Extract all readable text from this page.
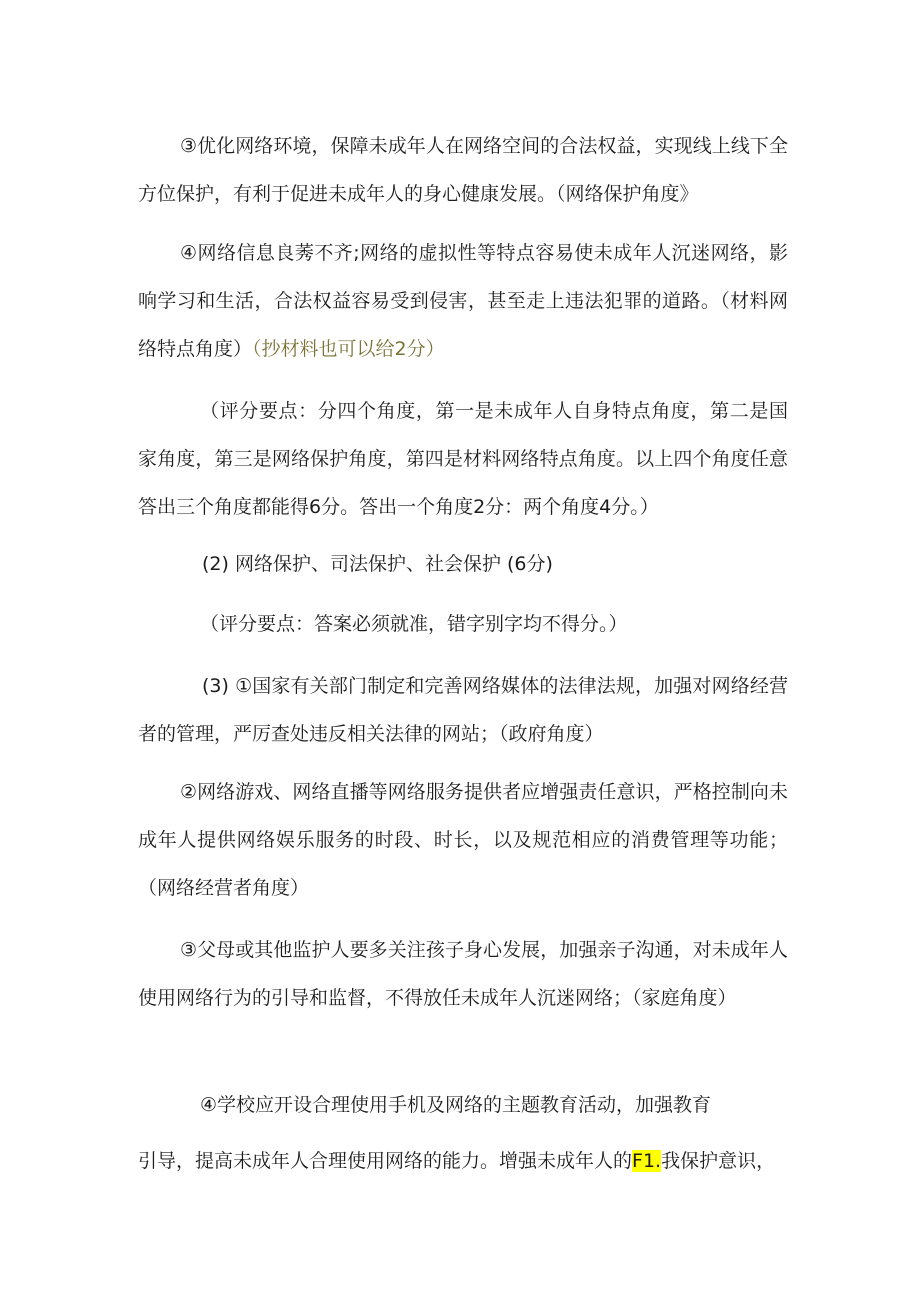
③优化网络环境，保障未成年人在网络空间的合法权益，实现线上线下全方位保护，有利于促进未成年人的身心健康发展。（网络保护角度》

④网络信息良莠不齐;网络的虚拟性等特点容易使未成年人沉迷网络，影响学习和生活，合法权益容易受到侵害，甚至走上违法犯罪的道路。（材料网络特点角度）（抄材料也可以给2分）

（评分要点：分四个角度，第一是未成年人自身特点角度，第二是国家角度，第三是网络保护角度，第四是材料网络特点角度。以上四个角度任意答出三个角度都能得6分。答出一个角度2分：两个角度4分。）

(2) 网络保护、司法保护、社会保护 (6分)

（评分要点：答案必须就准，错字别字均不得分。）

(3) ①国家有关部门制定和完善网络媒体的法律法规，加强对网络经营者的管理，严厉查处违反相关法律的网站；（政府角度）

②网络游戏、网络直播等网络服务提供者应增强责任意识，严格控制向未成年人提供网络娱乐服务的时段、时长，以及规范相应的消费管理等功能；（网络经营者角度）

③父母或其他监护人要多关注孩子身心发展，加强亲子沟通，对未成年人使用网络行为的引导和监督，不得放任未成年人沉迷网络；（家庭角度）

④学校应开设合理使用手机及网络的主题教育活动，加强教育

引导，提高未成年人合理使用网络的能力。增强未成年人的F1.我保护意识，
